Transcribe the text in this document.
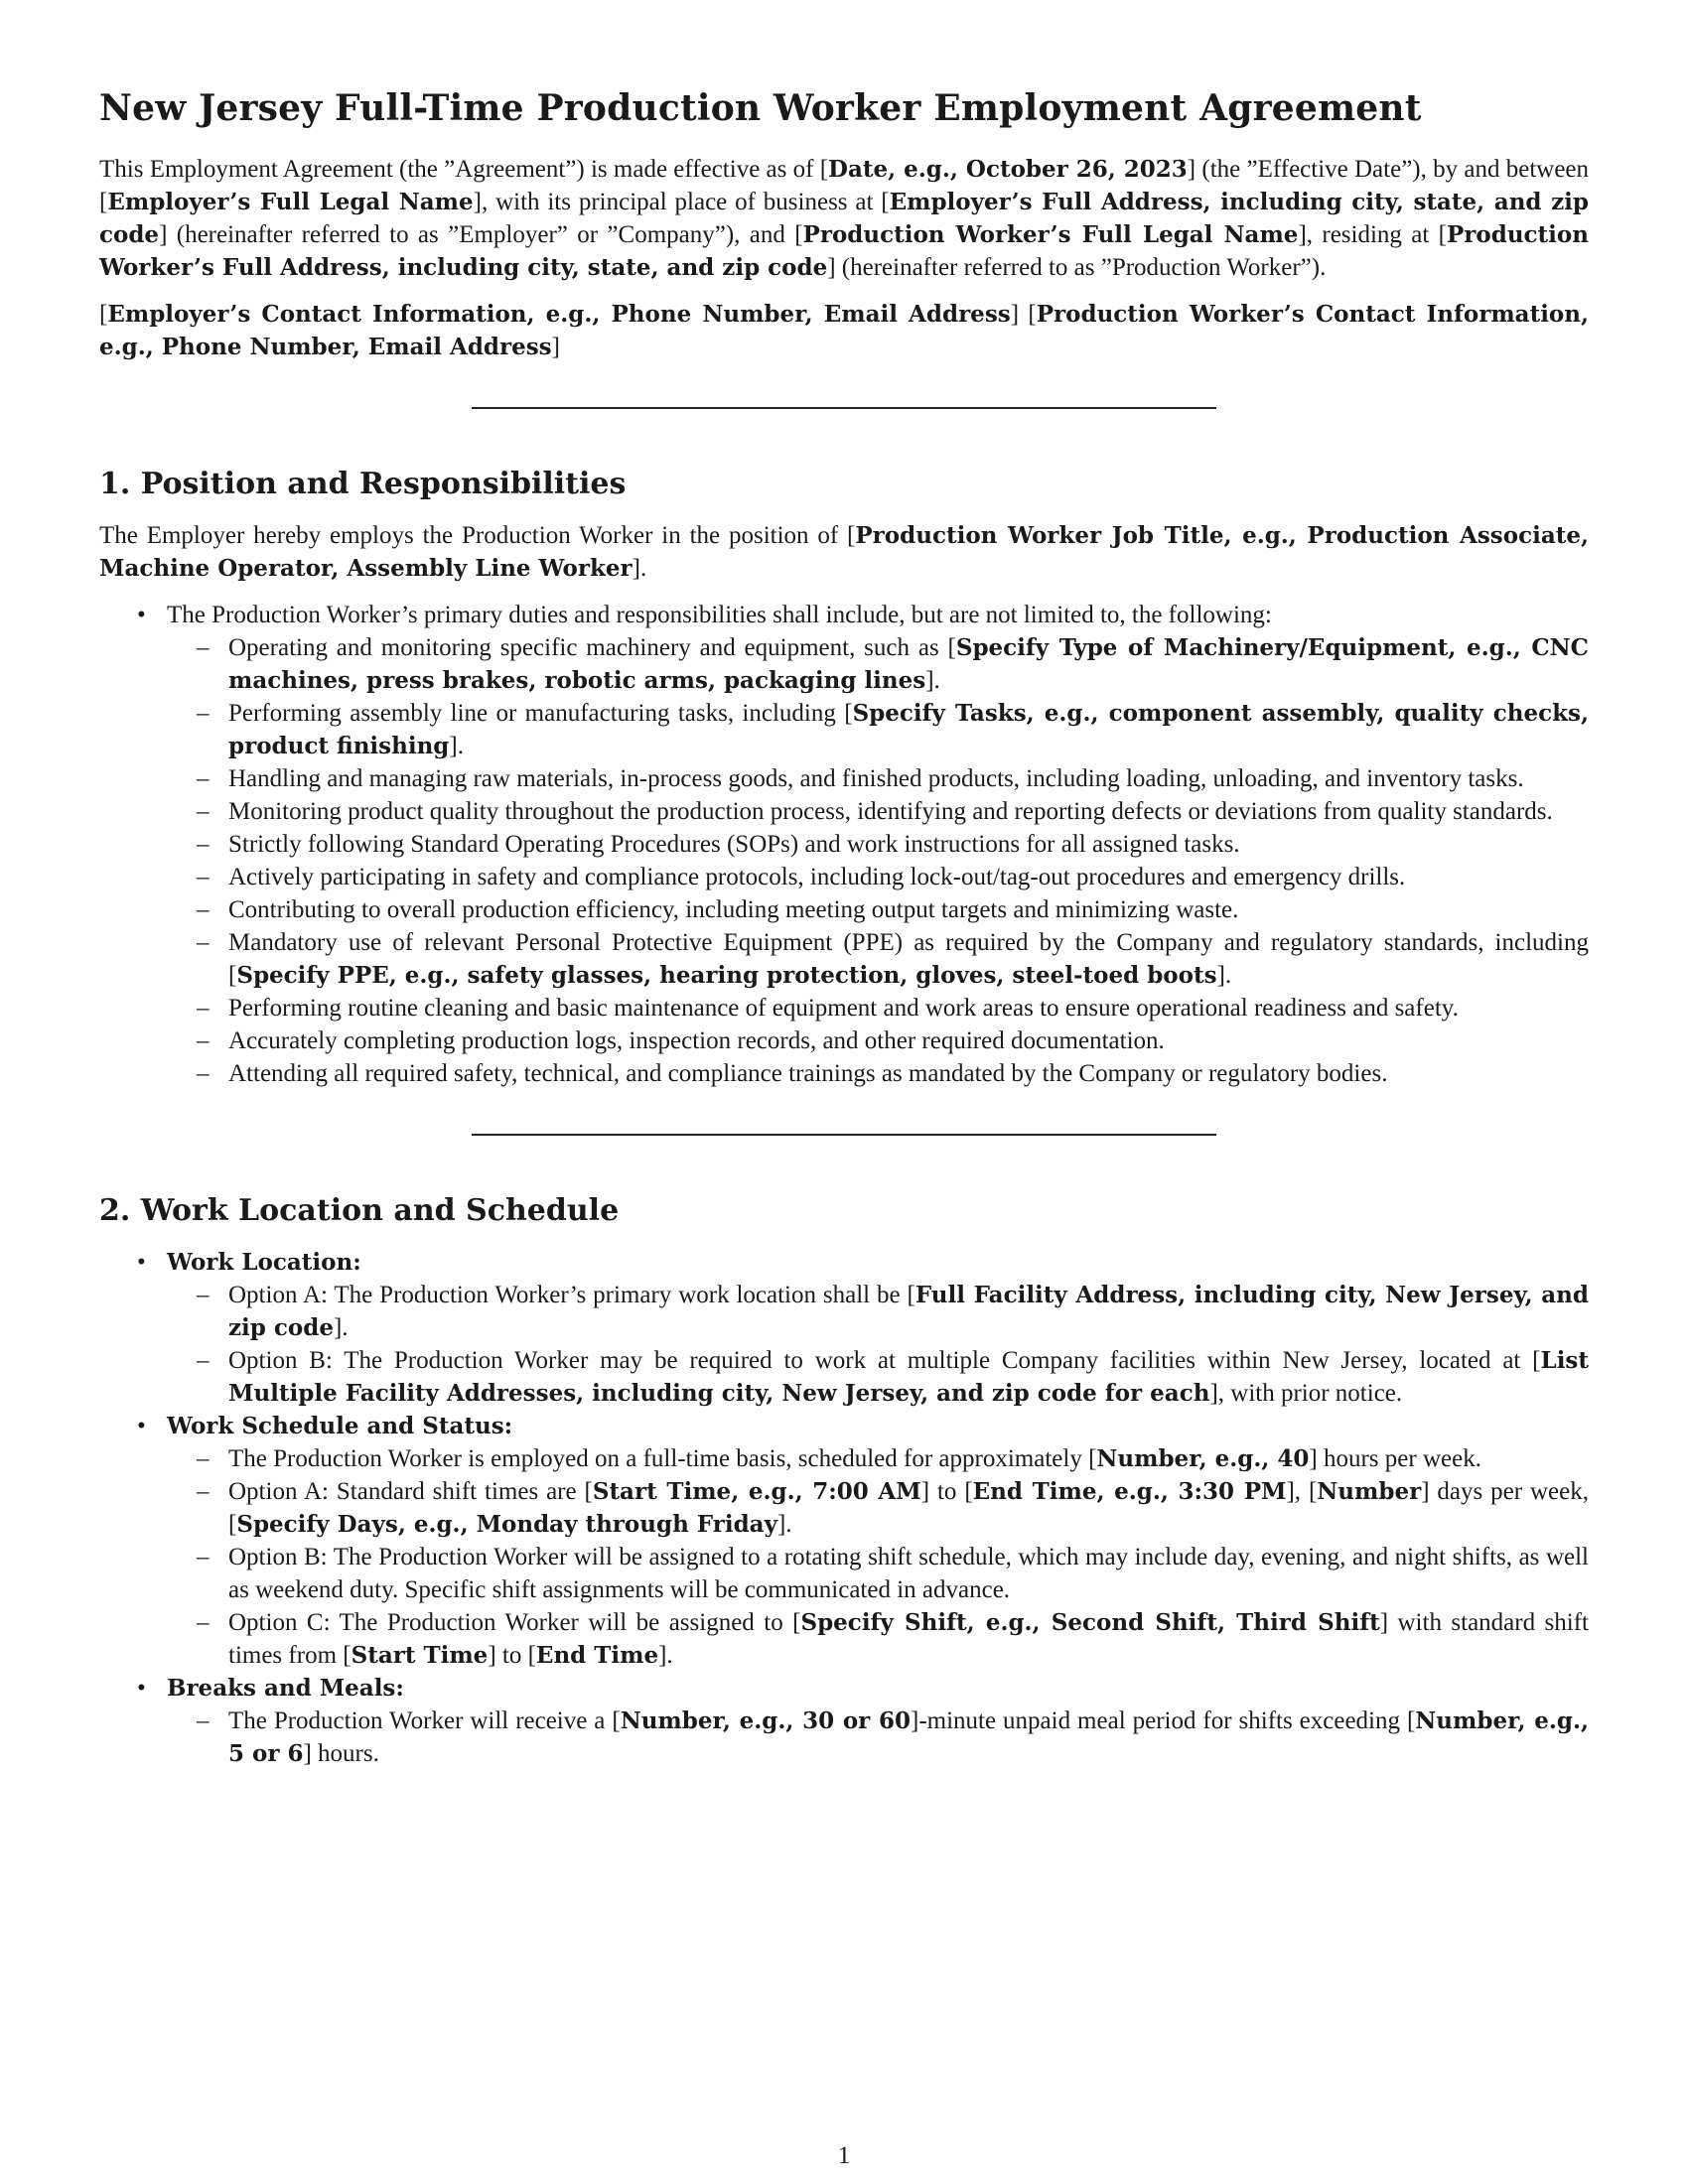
New Jersey Full-Time Production Worker Employment Agreement

This Employment Agreement (the ”Agreement”) is made effective as of [Date, e.g., October 26, 2023] (the ”Effective Date”), by and between [Employer’s Full Legal Name], with its principal place of business at [Employer’s Full Address, including city, state, and zip code] (hereinafter referred to as ”Employer” or ”Company”), and [Production Worker’s Full Legal Name], residing at [Production Worker’s Full Address, including city, state, and zip code] (hereinafter referred to as ”Production Worker”).

[Employer’s Contact Information, e.g., Phone Number, Email Address] [Production Worker’s Contact Information, e.g., Phone Number, Email Address]

1. Position and Responsibilities

The Employer hereby employs the Production Worker in the position of [Production Worker Job Title, e.g., Production Associate, Machine Operator, Assembly Line Worker].

• The Production Worker’s primary duties and responsibilities shall include, but are not limited to, the following:
– Operating and monitoring specific machinery and equipment, such as [Specify Type of Machinery/Equipment, e.g., CNC machines, press brakes, robotic arms, packaging lines].
– Performing assembly line or manufacturing tasks, including [Specify Tasks, e.g., component assembly, quality checks, product finishing].
– Handling and managing raw materials, in-process goods, and finished products, including loading, unloading, and inventory tasks.
– Monitoring product quality throughout the production process, identifying and reporting defects or deviations from quality standards.
– Strictly following Standard Operating Procedures (SOPs) and work instructions for all assigned tasks.
– Actively participating in safety and compliance protocols, including lock-out/tag-out procedures and emergency drills.
– Contributing to overall production efficiency, including meeting output targets and minimizing waste.
– Mandatory use of relevant Personal Protective Equipment (PPE) as required by the Company and regulatory standards, including [Specify PPE, e.g., safety glasses, hearing protection, gloves, steel-toed boots].
– Performing routine cleaning and basic maintenance of equipment and work areas to ensure operational readiness and safety.
– Accurately completing production logs, inspection records, and other required documentation.
– Attending all required safety, technical, and compliance trainings as mandated by the Company or regulatory bodies.
2. Work Location and Schedule
• Work Location:
– Option A: The Production Worker’s primary work location shall be [Full Facility Address, including city, New Jersey, and zip code].
– Option B: The Production Worker may be required to work at multiple Company facilities within New Jersey, located at [List Multiple Facility Addresses, including city, New Jersey, and zip code for each], with prior notice.
• Work Schedule and Status:
– The Production Worker is employed on a full-time basis, scheduled for approximately [Number, e.g., 40] hours per week.
– Option A: Standard shift times are [Start Time, e.g., 7:00 AM] to [End Time, e.g., 3:30 PM], [Number] days per week, [Specify Days, e.g., Monday through Friday].
– Option B: The Production Worker will be assigned to a rotating shift schedule, which may include day, evening, and night shifts, as well as weekend duty. Specific shift assignments will be communicated in advance.
– Option C: The Production Worker will be assigned to [Specify Shift, e.g., Second Shift, Third Shift] with standard shift times from [Start Time] to [End Time].
• Breaks and Meals:
– The Production Worker will receive a [Number, e.g., 30 or 60]-minute unpaid meal period for shifts exceeding [Number, e.g., 5 or 6] hours.
1
